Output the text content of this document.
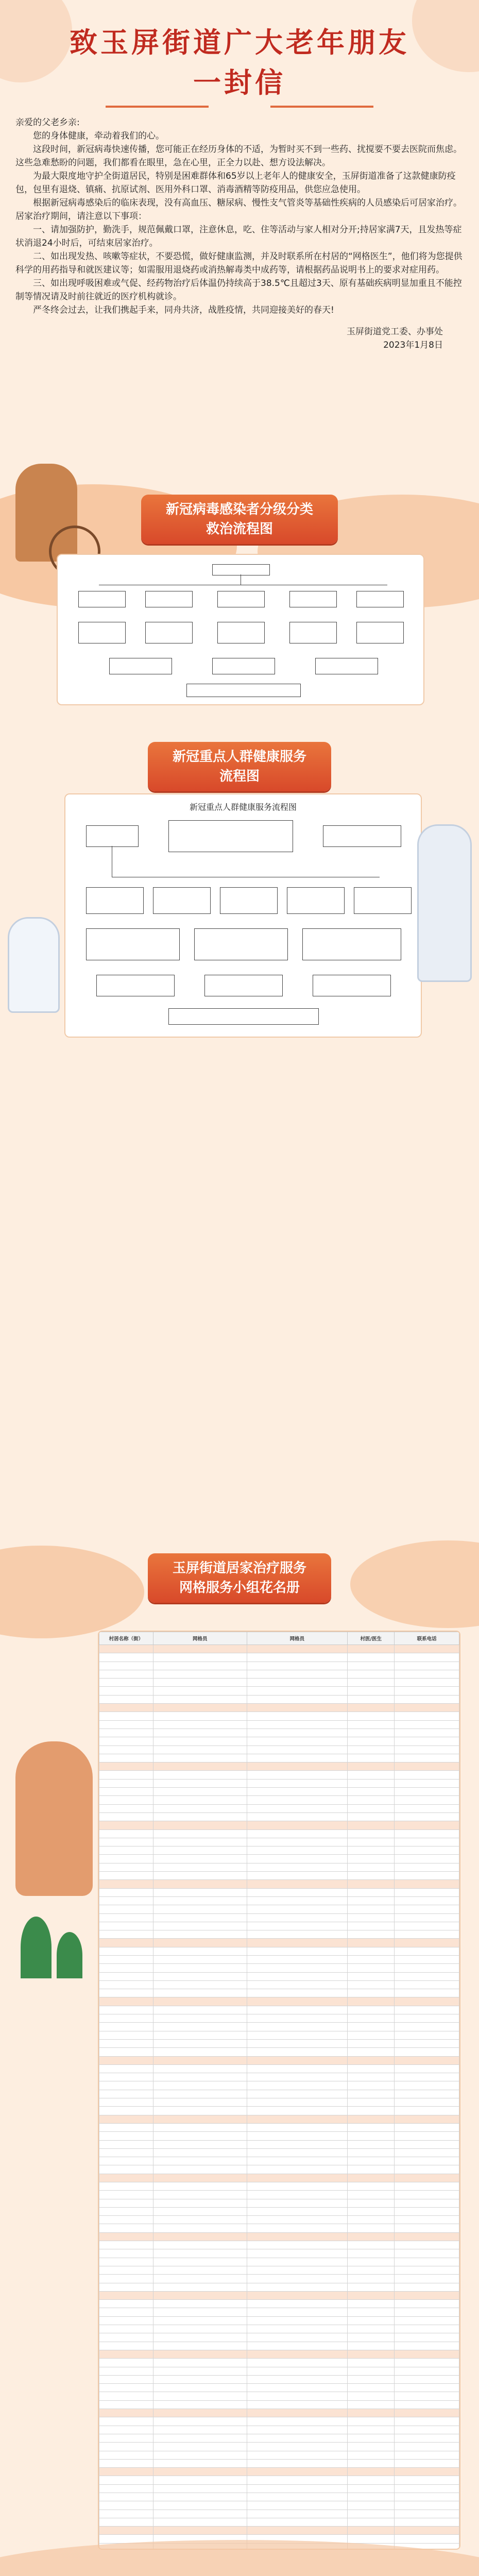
致玉屏街道广大老年朋友
一封信

亲爱的父老乡亲:

您的身体健康，牵动着我们的心。

这段时间，新冠病毒快速传播，您可能正在经历身体的不适，为暂时买不到一些药、扰搅要不要去医院而焦虑。这些急难愁盼的问题，我们都看在眼里，急在心里，正全力以赴、想方设法解决。

为最大限度地守护全街道居民，特别是困难群体和65岁以上老年人的健康安全，玉屏街道准备了这款健康防疫包，包里有退烧、镇痛、抗原试剂、医用外科口罩、消毒酒精等防疫用品，供您应急使用。

根据新冠病毒感染后的临床表现，没有高血压、糖尿病、慢性支气管炎等基础性疾病的人员感染后可居家治疗。居家治疗期间，请注意以下事项：

一、请加强防护，勤洗手，规范佩戴口罩，注意休息，吃、住等活动与家人相对分开;持居家满7天，且发热等症状消退24小时后，可结束居家治疗。

二、如出现发热、咳嗽等症状，不要恐慌，做好健康监测，并及时联系所在村居的“网格医生”，他们将为您提供科学的用药指导和就医建议等；如需服用退烧药或消热解毒类中成药等，请根据药品说明书上的要求对症用药。

三、如出现呼吸困难或气促、经药物治疗后体温仍持续高于38.5℃且超过3天、原有基础疾病明显加重且不能控制等情况请及时前往就近的医疗机构就诊。

严冬终会过去，让我们携起手来，同舟共济，战胜疫情，共同迎接美好的春天!

玉屏街道党工委、办事处

2023年1月8日

新冠病毒感染者分级分类
救治流程图
新冠重点人群健康服务
流程图
新冠重点人群健康服务流程图
玉屏街道居家治疗服务
网格服务小组花名册
村居名称（街）	网格员	网格员	村医/医生	联系电话
